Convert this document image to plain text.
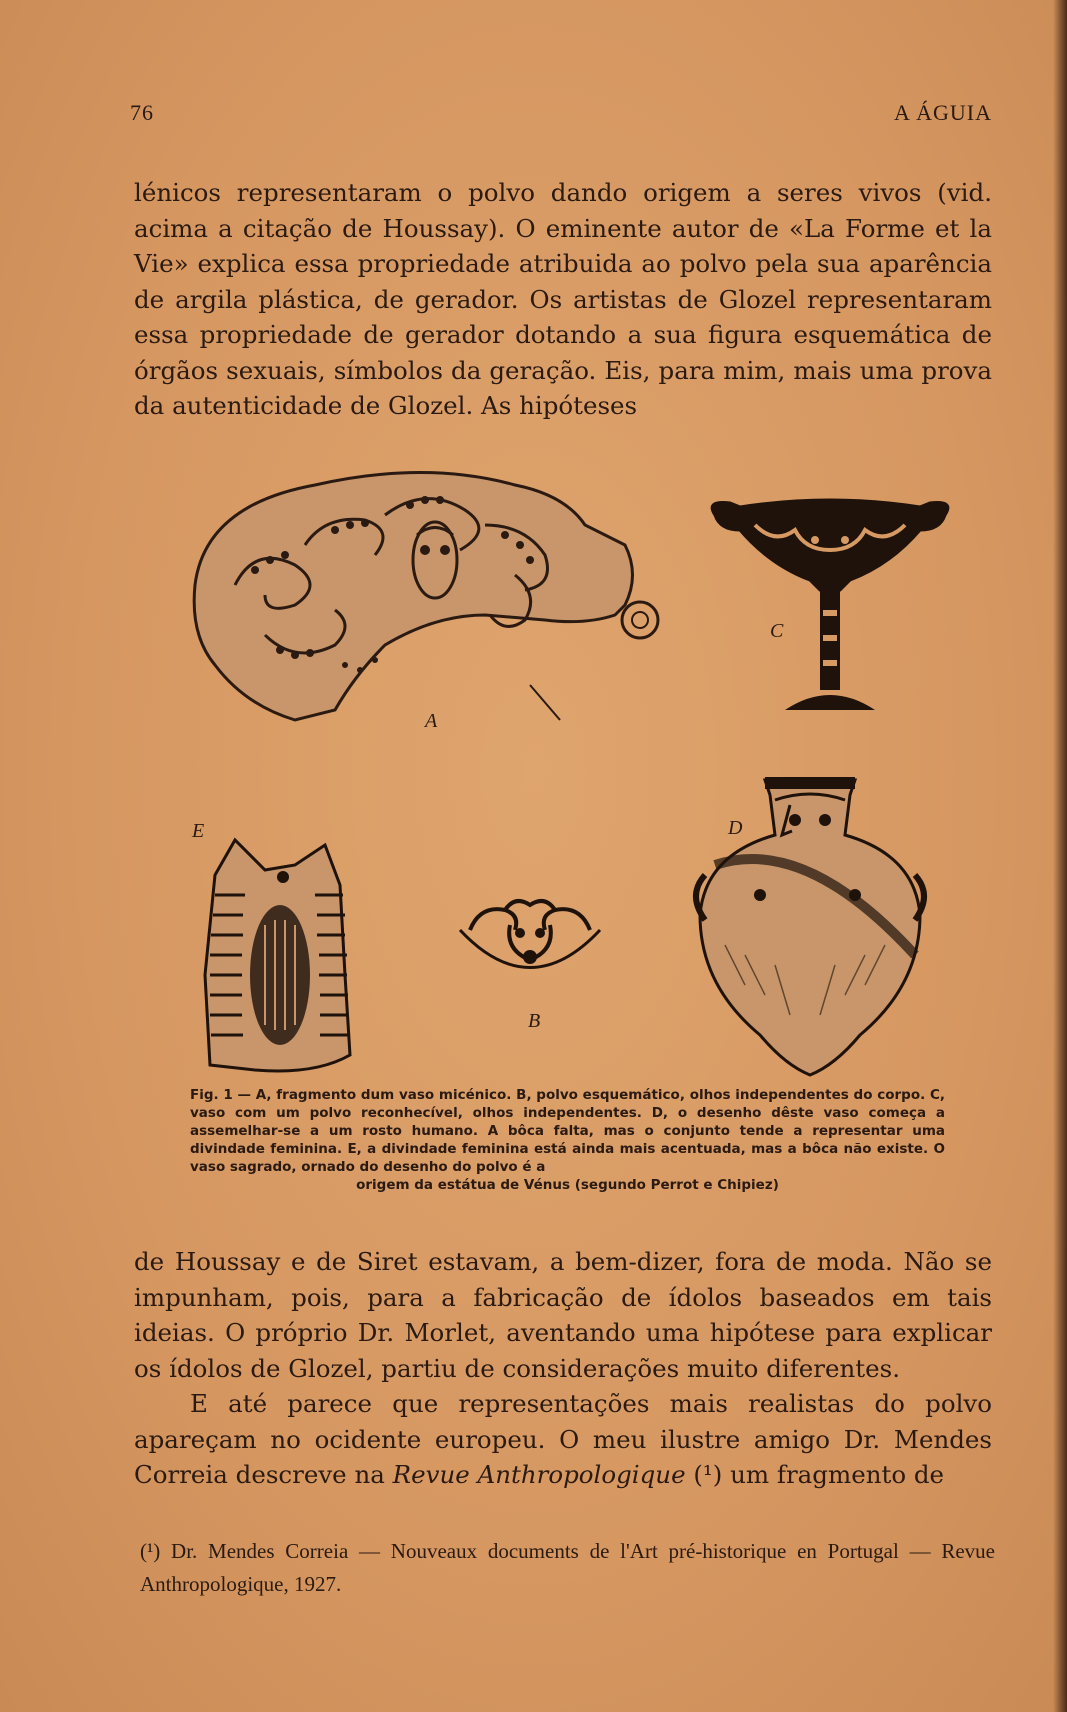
76	A ÁGUIA

lénicos representaram o polvo dando origem a seres vivos (vid. acima a citação de Houssay). O eminente autor de «La Forme et la Vie» explica essa propriedade atribuida ao polvo pela sua aparência de argila plástica, de gerador. Os artistas de Glozel representaram essa propriedade de gerador dotando a sua figura esquemática de órgãos sexuais, símbolos da geração. Eis, para mim, mais uma prova da autenticidade de Glozel. As hipóteses

A
C
E
B
D

Fig. 1 — A, fragmento dum vaso micénico. B, polvo esquemático, olhos independentes do corpo. C, vaso com um polvo reconhecível, olhos independentes. D, o desenho dêste vaso começa a assemelhar-se a um rosto humano. A bôca falta, mas o conjunto tende a representar uma divindade feminina. E, a divindade feminina está ainda mais acentuada, mas a bôca não existe. O vaso sagrado, ornado do desenho do polvo é a
origem da estátua de Vénus (segundo Perrot e Chipiez)

de Houssay e de Siret estavam, a bem-dizer, fora de moda. Não se impunham, pois, para a fabricação de ídolos baseados em tais ideias. O próprio Dr. Morlet, aventando uma hipótese para explicar os ídolos de Glozel, partiu de considerações muito diferentes.
E até parece que representações mais realistas do polvo apareçam no ocidente europeu. O meu ilustre amigo Dr. Mendes Correia descreve na Revue Anthropologique (¹) um fragmento de

(¹) Dr. Mendes Correia — Nouveaux documents de l'Art pré-historique en Portugal — Revue Anthropologique, 1927.
